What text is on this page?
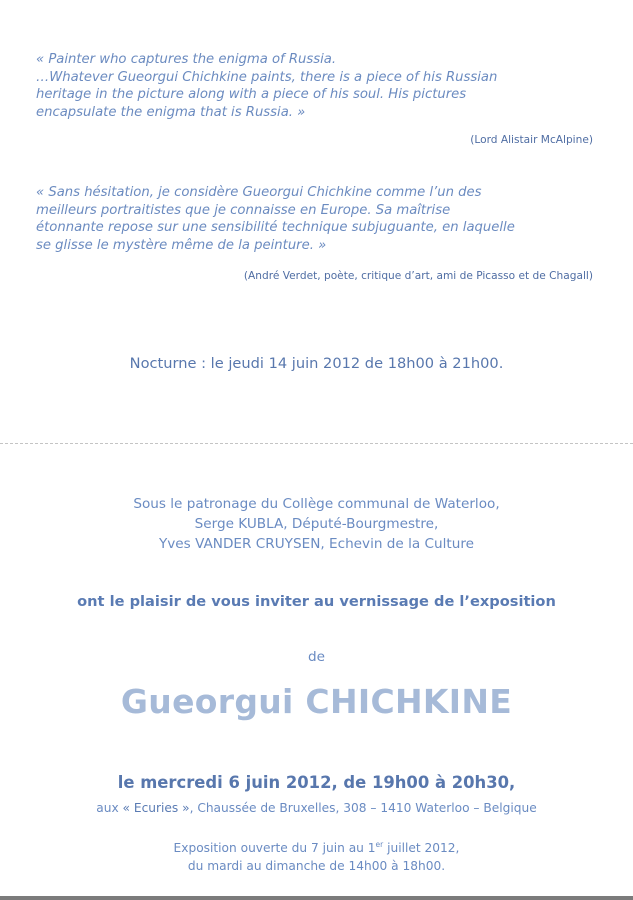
« Painter who captures the enigma of Russia.
…Whatever Gueorgui Chichkine paints, there is a piece of his Russian
heritage in the picture along with a piece of his soul. His pictures
encapsulate the enigma that is Russia. »

(Lord Alistair McAlpine)

« Sans hésitation, je considère Gueorgui Chichkine comme l’un des
meilleurs portraitistes que je connaisse en Europe. Sa maîtrise
étonnante repose sur une sensibilité technique subjuguante, en laquelle
se glisse le mystère même de la peinture. »

(André Verdet, poète, critique d’art, ami de Picasso et de Chagall)
Nocturne : le jeudi 14 juin 2012 de 18h00 à 21h00.
Sous le patronage du Collège communal de Waterloo,
Serge KUBLA, Député-Bourgmestre,
Yves VANDER CRUYSEN, Echevin de la Culture
ont le plaisir de vous inviter au vernissage de l’exposition
de
Gueorgui CHICHKINE
le mercredi 6 juin 2012, de 19h00 à 20h30,
aux « Ecuries », Chaussée de Bruxelles, 308 – 1410 Waterloo – Belgique
Exposition ouverte du 7 juin au 1er juillet 2012,
du mardi au dimanche de 14h00 à 18h00.
